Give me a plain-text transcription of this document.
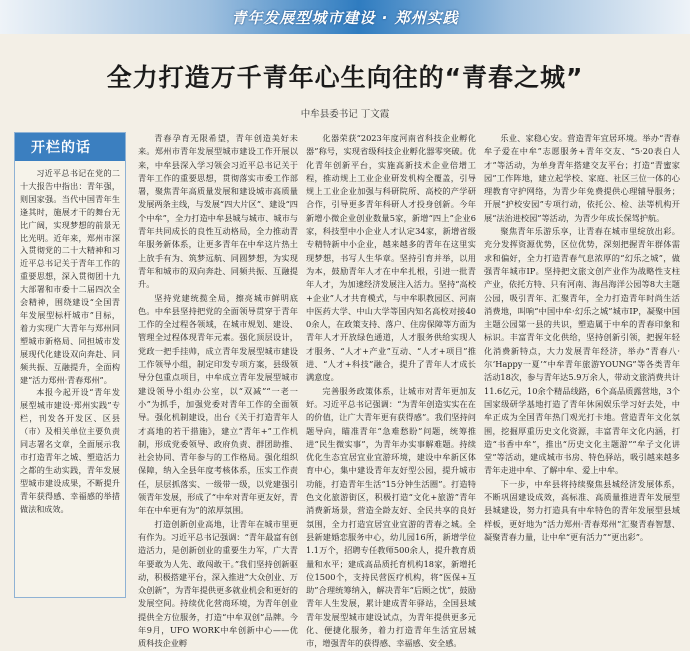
青年发展型城市建设 · 郑州实践
全力打造万千青年心生向往的“青春之城”
中牟县委书记 丁文霞
开栏的话

习近平总书记在党的二十大报告中指出：青年强，则国家强。当代中国青年生逢其时，施展才干的舞台无比广阔，实现梦想的前景无比光明。近年来，郑州市深入贯彻党的二十大精神和习近平总书记关于青年工作的重要思想，深入贯彻团十九大部署和市委十二届四次全会精神，围绕建设“全国青年发展型标杆城市”目标，着力实现广大青年与郑州同塑城市新格局、同担城市发展现代化建设双向奔赴、同频共振、互融提升，全面构建“活力郑州·青春郑州”。

本报今起开设“青年发展型城市建设·郑州实践”专栏，刊发各开发区、区县（市）及相关单位主要负责同志署名文章，全面展示我市打造青年之城、塑造活力之都的生动实践，青年发展型城市建设成果，不断提升青年获得感、幸福感的举措做法和成效。

青春孕育无限希望，青年创造美好未来。郑州市青年发展型城市建设工作开展以来，中牟县深入学习领会习近平总书记关于青年工作的重要思想，贯彻落实市委工作部署，聚焦青年高质量发展和建设城市高质量发展两条主线，与发展“四大片区”、建设“四个中牟”，全力打造中牟县城与城市、城市与青年共同成长的良性互动格局，全力推动青年服务新体系，让更多青年在中牟这片热土上放手有为、筑梦远航、同圆梦想，为实现青年和城市的双向奔赴、同频共振、互融提升。

坚持党建统揽全局，擦亮城市鲜明底色。中牟县坚持把党的全面领导贯穿于青年工作的全过程各领域，在城市规划、建设、管理全过程体现青年元素。强化顶层设计，党政一把手挂帅，成立青年发展型城市建设工作领导小组，制定印发专项方案，县级领导分包重点项目，中牟成立青年发展型城市建设领导小组办公室，以“双减”“一老一小”为抓手，加强党委对青年工作的全面领导。强化机制建设，出台《关于打造青年人才高地的若干措施》，建立“青年+”工作机制，形成党委领导、政府负责、群团助推、社会协同、青年参与的工作格局。强化组织保障，纳入全县年度考核体系，压实工作责任，层层抓落实、一级带一级，以党建强引领青年发展，形成了“中牟对青年更友好，青年在中牟更有为”的浓厚氛围。

打造创新创业高地，让青年在城市里更有作为。习近平总书记强调：“青年最富有创造活力，是创新创业的重要生力军，广大青年要敢为人先、敢闯敢干。”我们坚持创新驱动，积极搭建平台，深入推进“大众创业、万众创新”，为青年提供更多就业机会和更好的发展空间。持续优化营商环境，为青年创业提供全方位服务，打造“中牟双创”品牌。今年9月，UFO WORK中牟创新中心——优质科技企业孵

化器荣获“2023年度河南省科技企业孵化器”称号，实现省级科技企业孵化器零突破。优化青年创新平台，实施高新技术企业倍增工程，推动规上工业企业研发机构全覆盖，引导规上工业企业加强与科研院所、高校的产学研合作，引导更多青年科研人才投身创新。今年新增小微企业创业数量5家，新增“四上”企业6家，科技型中小企业人才认定34家，新增省级专精特新中小企业，越来越多的青年在这里实现梦想，书写人生华章。坚持引育并举，以用为本，鼓励青年人才在中牟扎根，引进一批青年人才，为加速经济发展注入活力。坚持“高校+企业”人才共育模式，与中牟职教园区、河南中医药大学、中山大学等国内知名高校对接400余人，在政策支持、落户、住房保障等方面为青年人才开放绿色通道，人才服务供给实现人才服务、“人才+产业”互动、“人才+项目”推进、“人才+科技”融合，提升了青年人才成长满意度。

完善服务政策体系，让城市对青年更加友好。习近平总书记强调：“为青年创造实实在在的价值，让广大青年更有获得感”。我们坚持问题导向，瞄准青年“急难愁盼”问题，统筹推进“民生微实事”，为青年办实事解难题。持续优化生态宜居宜业宜游环境，建设中牟新区体育中心，集中建设青年友好型公园，提升城市功能，打造青年生活“15分钟生活圈”。打造特色文化旅游街区，积极打造“文化+旅游”青年消费新场景，营造全龄友好、全民共享的良好氛围，全力打造宜居宜业宜游的青春之城。全县新建婚恋服务中心，幼儿园16所，新增学位1.1万个，招聘专任教师500余人，提升教育质量和水平；建成高品质托育机构18家，新增托位1500个，支持民营医疗机构，将“医保+互助”合理统筹纳入，解决青年“后顾之忧”，鼓励青年人生发展，累计建成青年驿站，全国县域青年发展型城市建设试点，为青年提供更多元化、便捷化服务，着力打造青年生活宜居城市，增强青年的获得感、幸福感、安全感。

乐业、家稳心安。营造青年宜居环境。举办“青春牟子爱在中牟”志愿服务+青年交友、“5·20表白人才”等活动，为单身青年搭建交友平台；打造“青蜜家园”工作阵地，建立起学校、家庭、社区三位一体的心理教育守护网络，为青少年免费提供心理辅导服务；开展“护校安园”专项行动，依托公、检、法等机构开展“法治进校园”等活动，为青少年成长保驾护航。

聚焦青年乐游乐享，让青春在城市里绽放出彩。充分发挥资源优势，区位优势，深刻把握青年群体需求和偏好，全力打造青春气息浓厚的“幻乐之城”，做强青年城市IP。坚持把文旅文创产业作为战略性支柱产业，依托方特、只有河南、海昌海洋公园等8大主题公园，吸引青年、汇聚青年，全力打造青年时尚生活消费地，叫响“中国中牟·幻乐之城”城市IP，凝聚中国主题公园第一县的共识，塑造属于中牟的青春印象和标识。丰富青年文化供给，坚持创新引领，把握年轻化消费新特点，大力发展青年经济，举办“青春八·尔‘Happy一夏’”中牟青年旅游YOUNG”等各类青年活动18次，参与青年达5.9万余人，带动文旅消费共计11.6亿元，10余个精品线路，6个高品质露营地，3个国家级研学基地打造了青年休闲娱乐学习好去处，中牟正成为全国青年热门观光打卡地。营造青年文化氛围，挖掘厚重历史文化资源，丰富青年文化内涵，打造“书香中牟”，推出“历史文化主题游”“牟子文化讲堂”等活动，建成城市书房、特色驿站，吸引越来越多青年走进中牟、了解中牟、爱上中牟。

下一步，中牟县将持续聚焦县城经济发展体系，不断巩固建设成效，高标准、高质量推进青年发展型县城建设，努力打造具有中牟特色的青年发展型县域样板，更好地为“活力郑州·青春郑州”汇聚青春智慧、凝聚青春力量，让中牟“更有活力”“更出彩”。
